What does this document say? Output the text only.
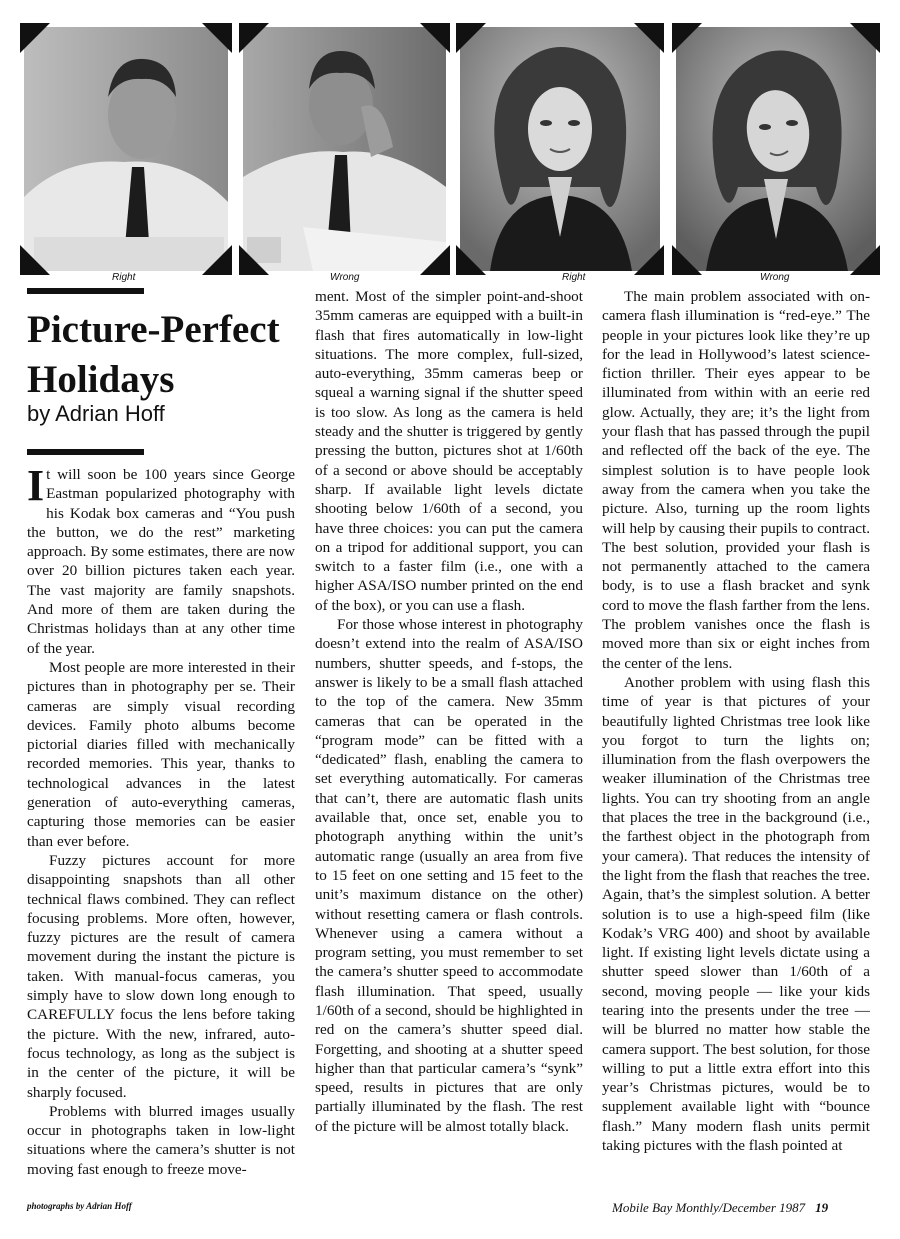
Right	Wrong	Right	Wrong
Picture-Perfect Holidays
by Adrian Hoff

It will soon be 100 years since George Eastman popularized photography with his Kodak box cameras and “You push the button, we do the rest” marketing approach. By some estimates, there are now over 20 billion pictures taken each year. The vast majority are family snapshots. And more of them are taken during the Christmas holidays than at any other time of the year.

Most people are more interested in their pictures than in photography per se. Their cameras are simply visual recording devices. Family photo albums become pictorial diaries filled with mechanically recorded memories. This year, thanks to technological advances in the latest generation of auto-everything cameras, capturing those memories can be easier than ever before.

Fuzzy pictures account for more disappointing snapshots than all other technical flaws combined. They can reflect focusing problems. More often, however, fuzzy pictures are the result of camera movement during the instant the picture is taken. With manual-focus cameras, you simply have to slow down long enough to CAREFULLY focus the lens before taking the picture. With the new, infrared, auto-focus technology, as long as the subject is in the center of the picture, it will be sharply focused.

Problems with blurred images usually occur in photographs taken in low-light situations where the camera’s shutter is not moving fast enough to freeze move-

ment. Most of the simpler point-and-shoot 35mm cameras are equipped with a built-in flash that fires automatically in low-light situations. The more complex, full-sized, auto-everything, 35mm cameras beep or squeal a warning signal if the shutter speed is too slow. As long as the camera is held steady and the shutter is triggered by gently pressing the button, pictures shot at 1/60th of a second or above should be acceptably sharp. If available light levels dictate shooting below 1/60th of a second, you have three choices: you can put the camera on a tripod for additional support, you can switch to a faster film (i.e., one with a higher ASA/ISO number printed on the end of the box), or you can use a flash.

For those whose interest in photography doesn’t extend into the realm of ASA/ISO numbers, shutter speeds, and f-stops, the answer is likely to be a small flash attached to the top of the camera. New 35mm cameras that can be operated in the “program mode” can be fitted with a “dedicated” flash, enabling the camera to set everything automatically. For cameras that can’t, there are automatic flash units available that, once set, enable you to photograph anything within the unit’s automatic range (usually an area from five to 15 feet on one setting and 15 feet to the unit’s maximum distance on the other) without resetting camera or flash controls. Whenever using a camera without a program setting, you must remember to set the camera’s shutter speed to accommodate flash illumination. That speed, usually 1/60th of a second, should be highlighted in red on the camera’s shutter speed dial. Forgetting, and shooting at a shutter speed higher than that particular camera’s “synk” speed, results in pictures that are only partially illuminated by the flash. The rest of the picture will be almost totally black.

The main problem associated with on-camera flash illumination is “red-eye.” The people in your pictures look like they’re up for the lead in Hollywood’s latest science-fiction thriller. Their eyes appear to be illuminated from within with an eerie red glow. Actually, they are; it’s the light from your flash that has passed through the pupil and reflected off the back of the eye. The simplest solution is to have people look away from the camera when you take the picture. Also, turning up the room lights will help by causing their pupils to contract. The best solution, provided your flash is not permanently attached to the camera body, is to use a flash bracket and synk cord to move the flash farther from the lens. The problem vanishes once the flash is moved more than six or eight inches from the center of the lens.

Another problem with using flash this time of year is that pictures of your beautifully lighted Christmas tree look like you forgot to turn the lights on; illumination from the flash overpowers the weaker illumination of the Christmas tree lights. You can try shooting from an angle that places the tree in the background (i.e., the farthest object in the photograph from your camera). That reduces the intensity of the light from the flash that reaches the tree. Again, that’s the simplest solution. A better solution is to use a high-speed film (like Kodak’s VRG 400) and shoot by available light. If existing light levels dictate using a shutter speed slower than 1/60th of a second, moving people — like your kids tearing into the presents under the tree — will be blurred no matter how stable the camera support. The best solution, for those willing to put a little extra effort into this year’s Christmas pictures, would be to supplement available light with “bounce flash.” Many modern flash units permit taking pictures with the flash pointed at

photographs by Adrian Hoff	Mobile Bay Monthly/December 1987 19
